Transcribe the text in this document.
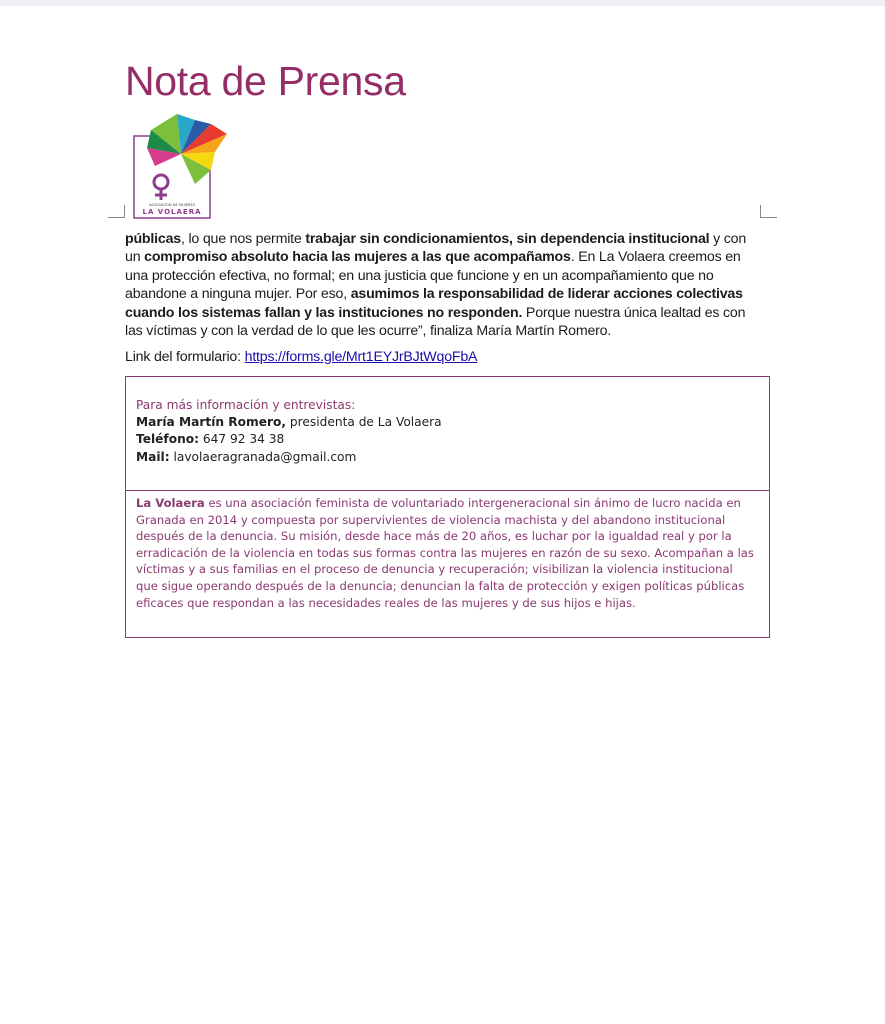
Nota de Prensa
ASOCIACIÓN DE MUJERES
LA VOLAERA

públicas, lo que nos permite trabajar sin condicionamientos, sin dependencia institucional y con un compromiso absoluto hacia las mujeres a las que acompañamos. En La Volaera creemos en una protección efectiva, no formal; en una justicia que funcione y en un acompañamiento que no abandone a ninguna mujer. Por eso, asumimos la responsabilidad de liderar acciones colectivas cuando los sistemas fallan y las instituciones no responden. Porque nuestra única lealtad es con las víctimas y con la verdad de lo que les ocurre”, finaliza María Martín Romero.

Link del formulario: https://forms.gle/Mrt1EYJrBJtWqoFbA

Para más información y entrevistas:
María Martín Romero, presidenta de La Volaera
Teléfono: 647 92 34 38
Mail: lavolaeragranada@gmail.com
La Volaera es una asociación feminista de voluntariado intergeneracional sin ánimo de lucro nacida en Granada en 2014 y compuesta por supervivientes de violencia machista y del abandono institucional después de la denuncia. Su misión, desde hace más de 20 años, es luchar por la igualdad real y por la erradicación de la violencia en todas sus formas contra las mujeres en razón de su sexo. Acompañan a las víctimas y a sus familias en el proceso de denuncia y recuperación; visibilizan la violencia institucional que sigue operando después de la denuncia; denuncian la falta de protección y exigen políticas públicas eficaces que respondan a las necesidades reales de las mujeres y de sus hijos e hijas.
